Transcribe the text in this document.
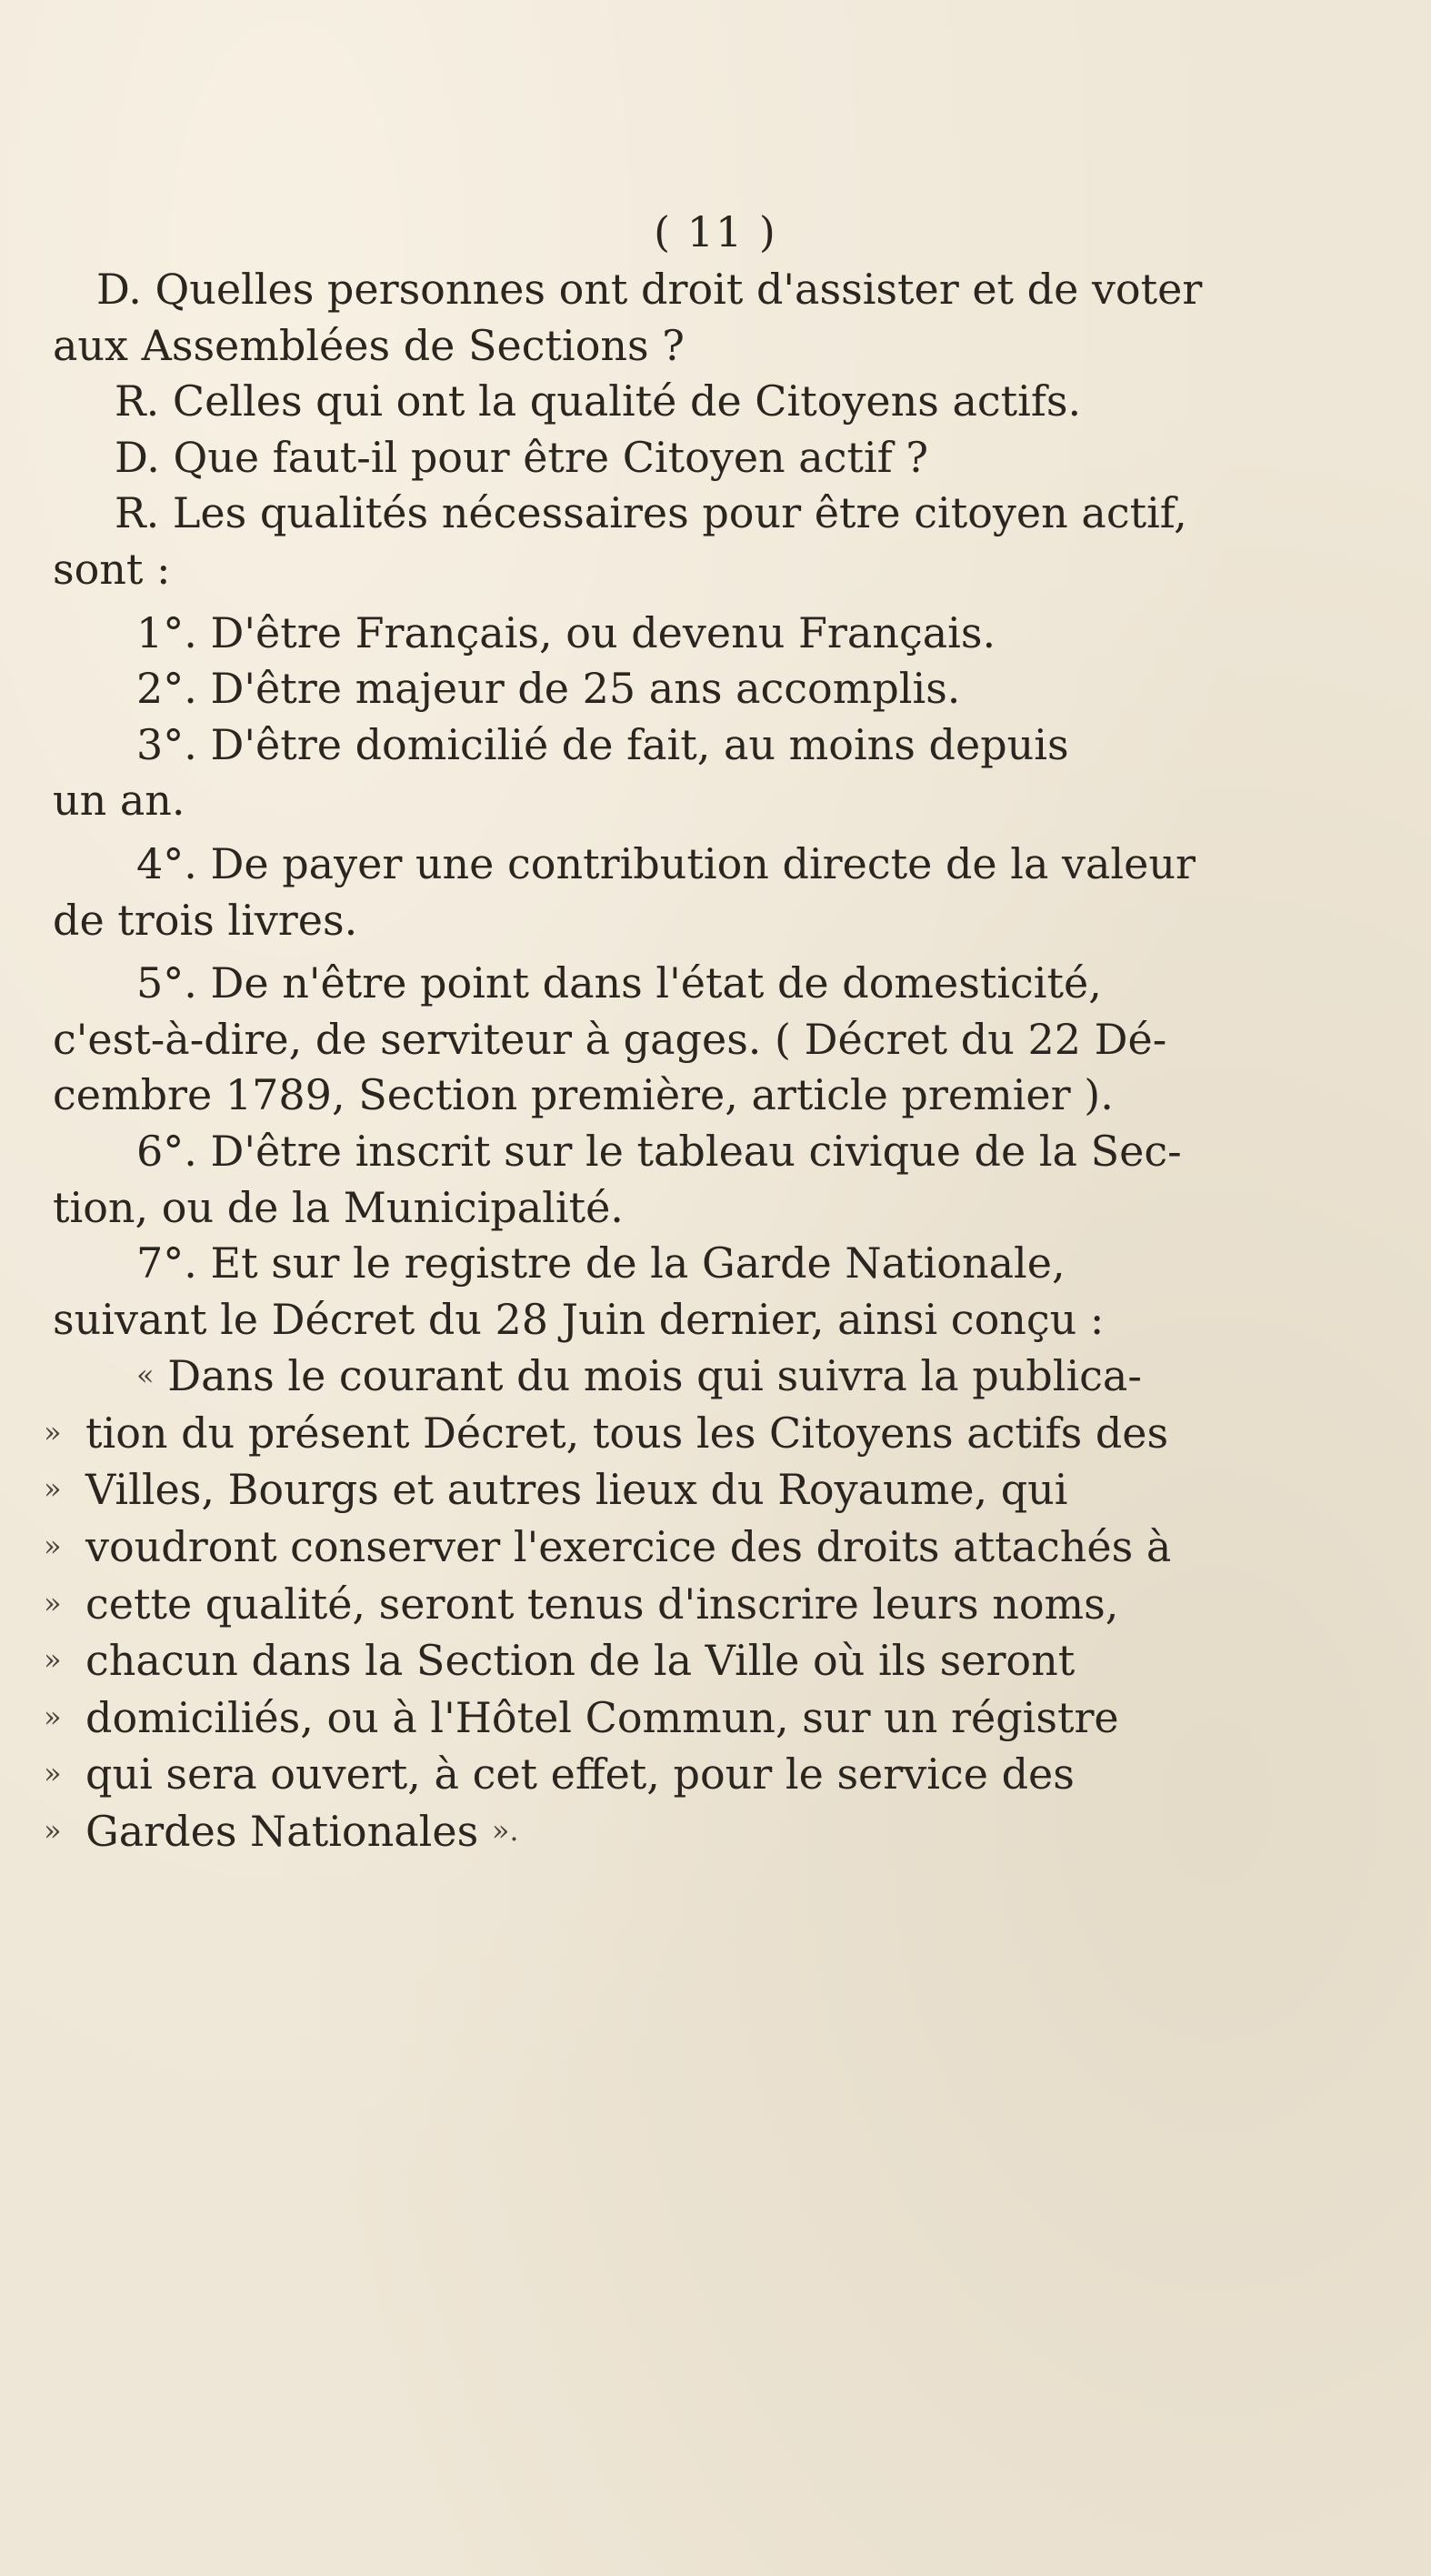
( 11 )
D. Quelles personnes ont droit d'assister et de voter
aux Assemblées de Sections ?
R. Celles qui ont la qualité de Citoyens actifs.
D. Que faut-il pour être Citoyen actif ?
R. Les qualités nécessaires pour être citoyen actif,
sont :
1°. D'être Français, ou devenu Français.
2°. D'être majeur de 25 ans accomplis.
3°. D'être domicilié de fait, au moins depuis
un an.
4°. De payer une contribution directe de la valeur
de trois livres.
5°. De n'être point dans l'état de domesticité,
c'est-à-dire, de serviteur à gages. ( Décret du 22 Dé-
cembre 1789, Section première, article premier ).
6°. D'être inscrit sur le tableau civique de la Sec-
tion, ou de la Municipalité.
7°. Et sur le registre de la Garde Nationale,
suivant le Décret du 28 Juin dernier, ainsi conçu :
« Dans le courant du mois qui suivra la publica-
» tion du présent Décret, tous les Citoyens actifs des
» Villes, Bourgs et autres lieux du Royaume, qui
» voudront conserver l'exercice des droits attachés à
» cette qualité, seront tenus d'inscrire leurs noms,
» chacun dans la Section de la Ville où ils seront
» domiciliés, ou à l'Hôtel Commun, sur un régistre
» qui sera ouvert, à cet effet, pour le service des
» Gardes Nationales ».
